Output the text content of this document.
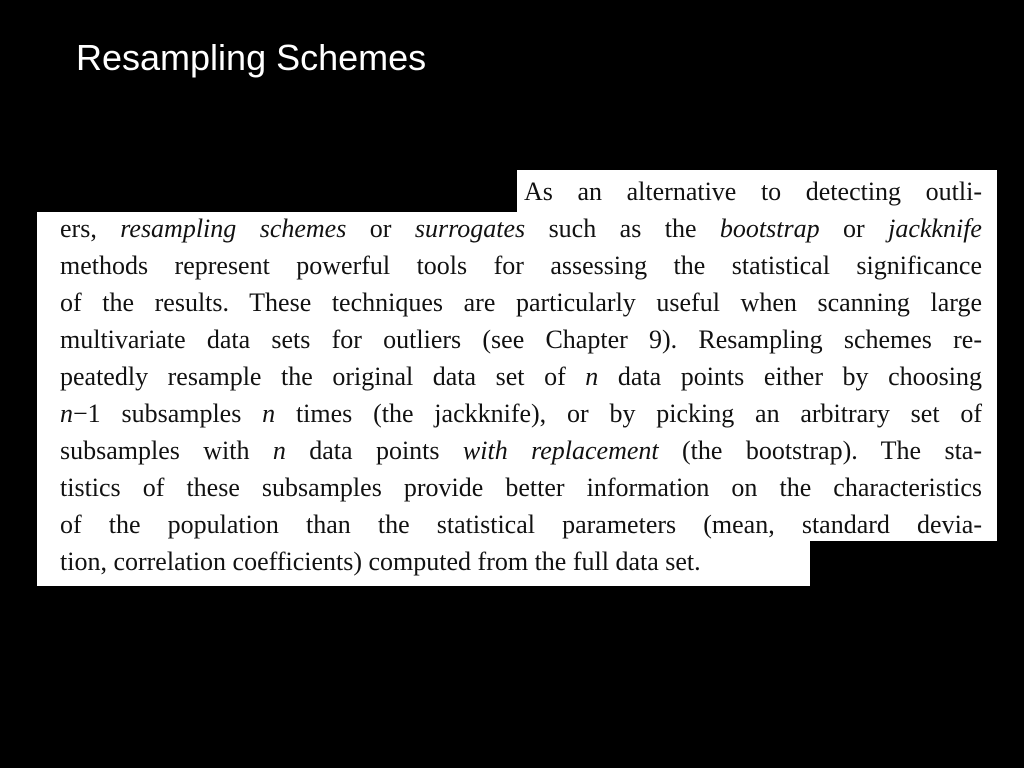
Resampling Schemes
As an alternative to detecting outli-
ers, resampling schemes or surrogates such as the bootstrap or jackknife
methods represent powerful tools for assessing the statistical significance
of the results. These techniques are particularly useful when scanning large
multivariate data sets for outliers (see Chapter 9). Resampling schemes re-
peatedly resample the original data set of n data points either by choosing
n−1 subsamples n times (the jackknife), or by picking an arbitrary set of
subsamples with n data points with replacement (the bootstrap). The sta-
tistics of these subsamples provide better information on the characteristics
of the population than the statistical parameters (mean, standard devia-
tion, correlation coefficients) computed from the full data set.
